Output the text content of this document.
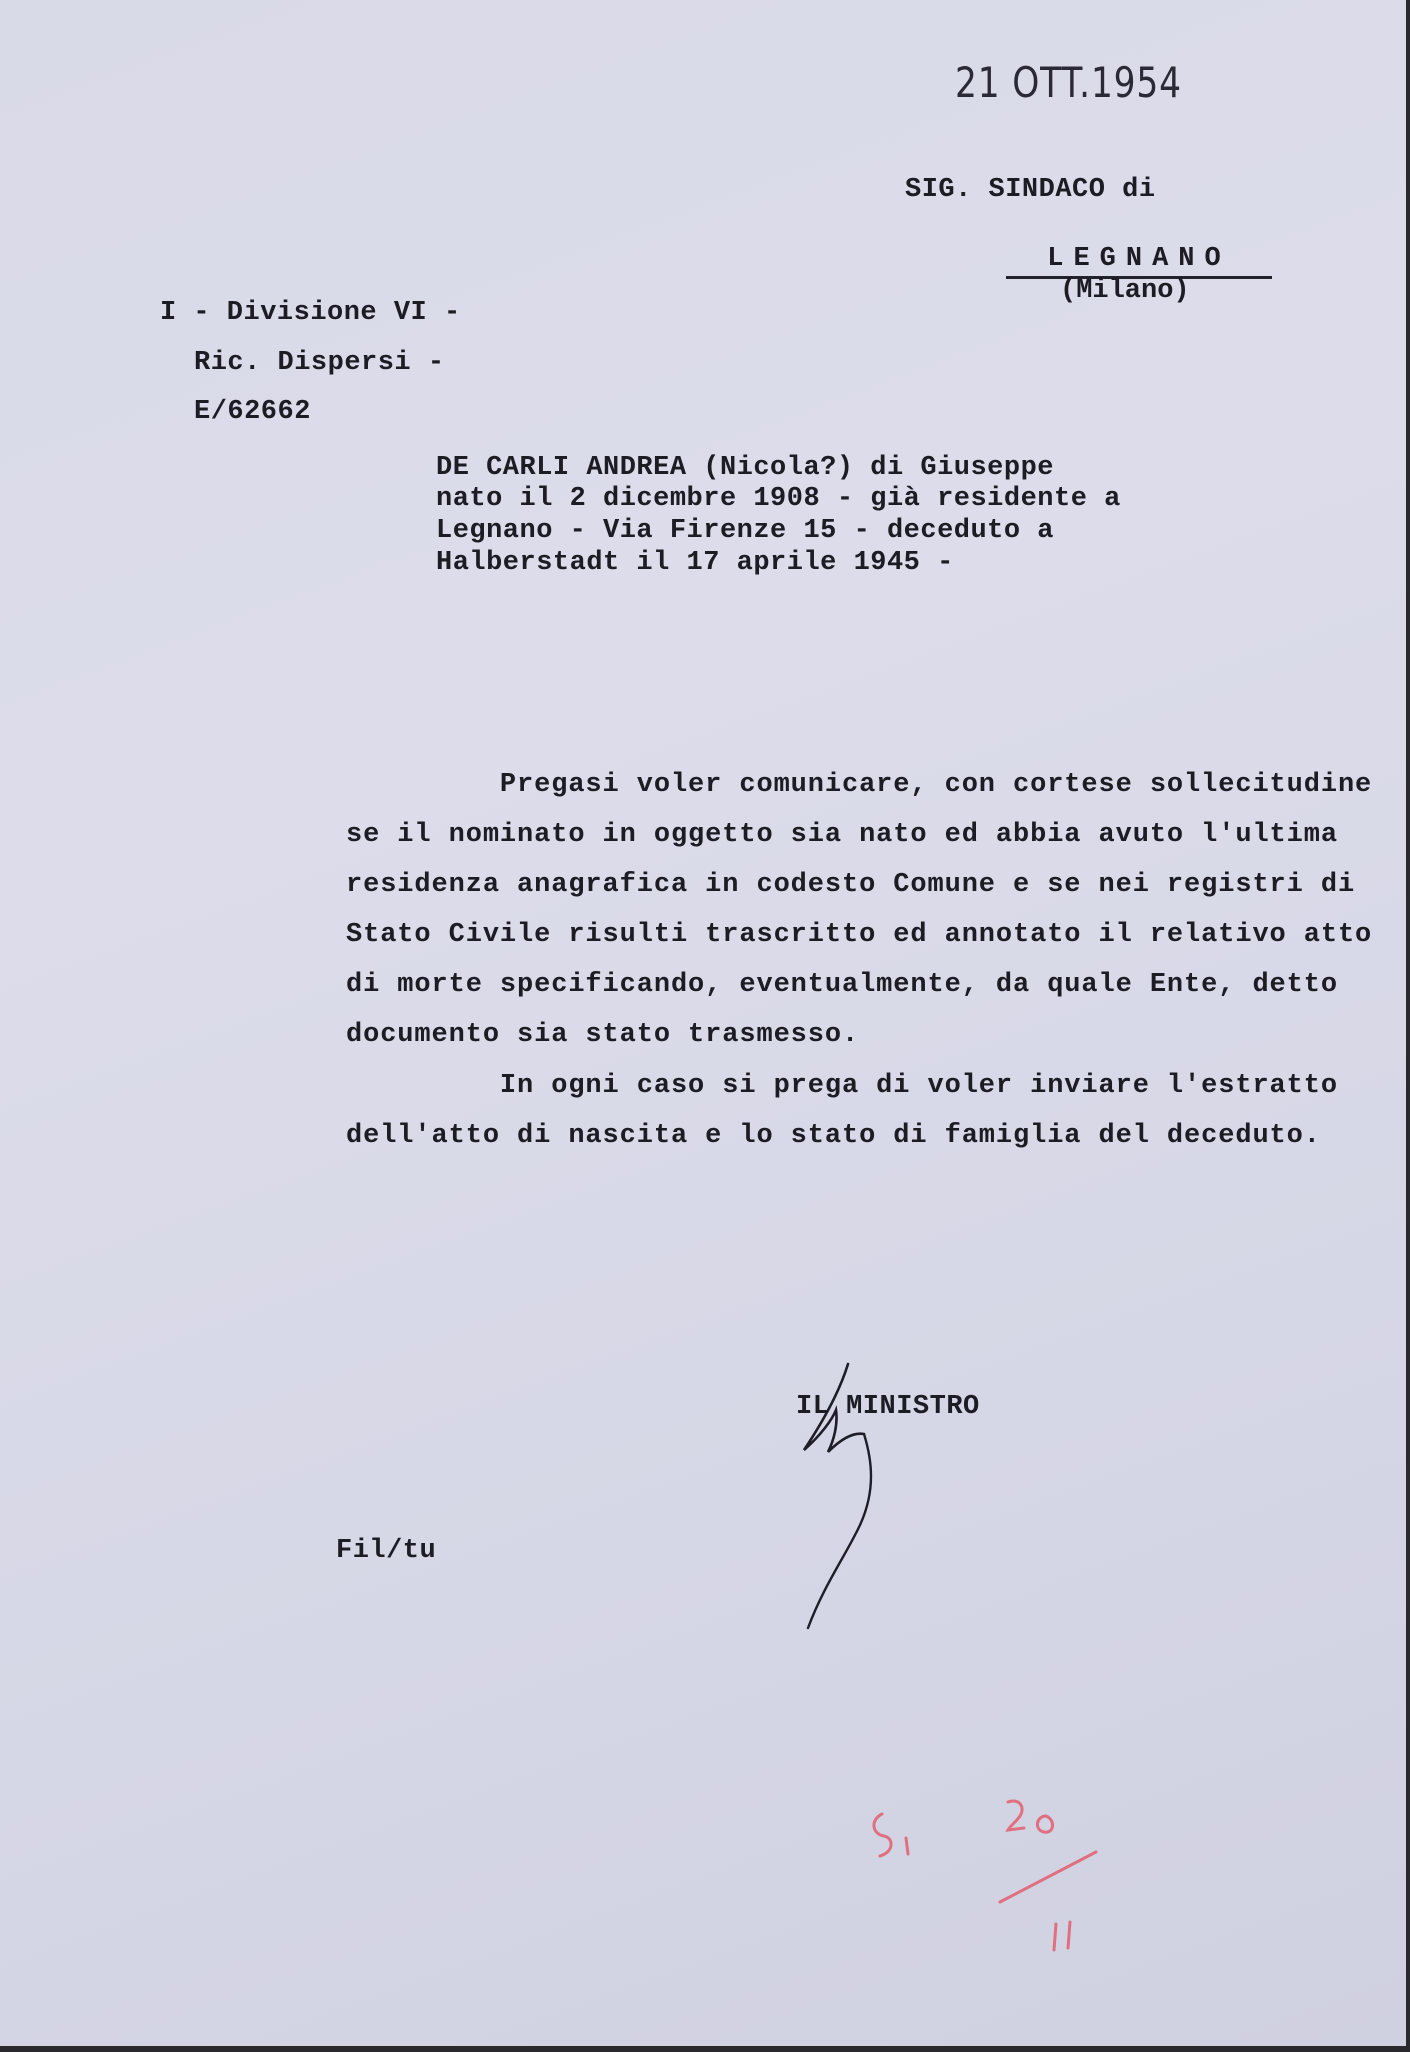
21 OTT.1954
SIG. SINDACO di
LEGNANO
(Milano)
I - Divisione VI -
Ric. Dispersi -
E/62662
DE CARLI ANDREA (Nicola?) di Giuseppe
nato il 2 dicembre 1908 - già residente a
Legnano - Via Firenze 15 - deceduto a
Halberstadt il 17 aprile 1945 -
Pregasi voler comunicare, con cortese sollecitudine
se il nominato in oggetto sia nato ed abbia avuto l'ultima
residenza anagrafica in codesto Comune e se nei registri di
Stato Civile risulti trascritto ed annotato il relativo atto
di morte specificando, eventualmente, da quale Ente, detto
documento sia stato trasmesso.
In ogni caso si prega di voler inviare l'estratto
dell'atto di nascita e lo stato di famiglia del deceduto.
IL MINISTRO
Fil/tu
